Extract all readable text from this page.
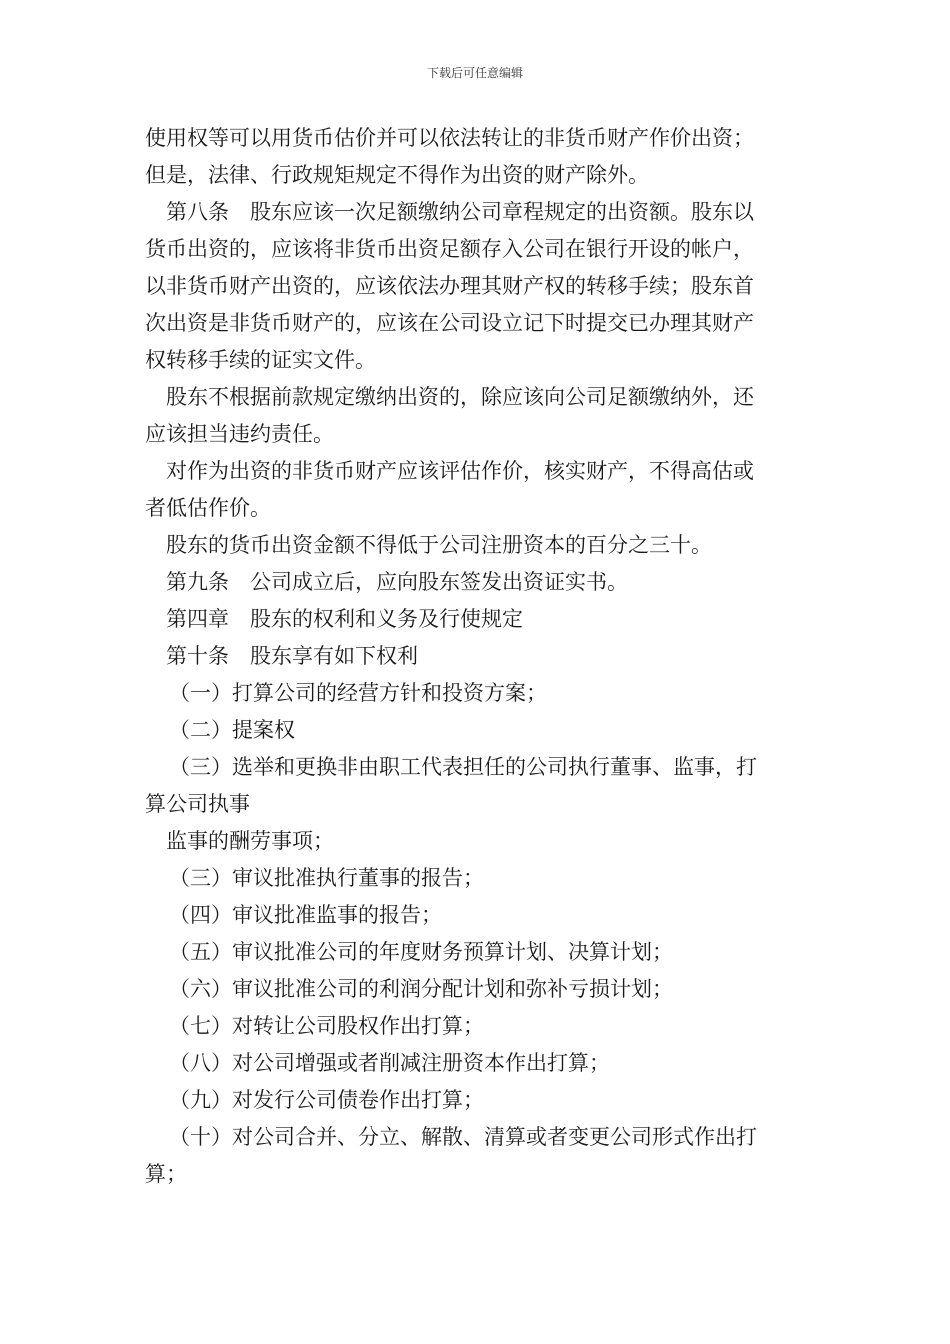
下载后可任意编辑
使用权等可以用货币估价并可以依法转让的非货币财产作价出资；
但是，法律、行政规矩规定不得作为出资的财产除外。
第八条　股东应该一次足额缴纳公司章程规定的出资额。股东以
货币出资的，应该将非货币出资足额存入公司在银行开设的帐户，
以非货币财产出资的，应该依法办理其财产权的转移手续；股东首
次出资是非货币财产的，应该在公司设立记下时提交已办理其财产
权转移手续的证实文件。
股东不根据前款规定缴纳出资的，除应该向公司足额缴纳外，还
应该担当违约责任。
对作为出资的非货币财产应该评估作价，核实财产，不得高估或
者低估作价。
股东的货币出资金额不得低于公司注册资本的百分之三十。
第九条　公司成立后，应向股东签发出资证实书。
第四章　股东的权利和义务及行使规定
第十条　股东享有如下权利
（一）打算公司的经营方针和投资方案；
（二）提案权
（三）选举和更换非由职工代表担任的公司执行董事、监事，打
算公司执事
监事的酬劳事项；
（三）审议批准执行董事的报告；
（四）审议批准监事的报告；
（五）审议批准公司的年度财务预算计划、决算计划；
（六）审议批准公司的利润分配计划和弥补亏损计划；
（七）对转让公司股权作出打算；
（八）对公司增强或者削减注册资本作出打算；
（九）对发行公司债卷作出打算；
（十）对公司合并、分立、解散、清算或者变更公司形式作出打
算；
